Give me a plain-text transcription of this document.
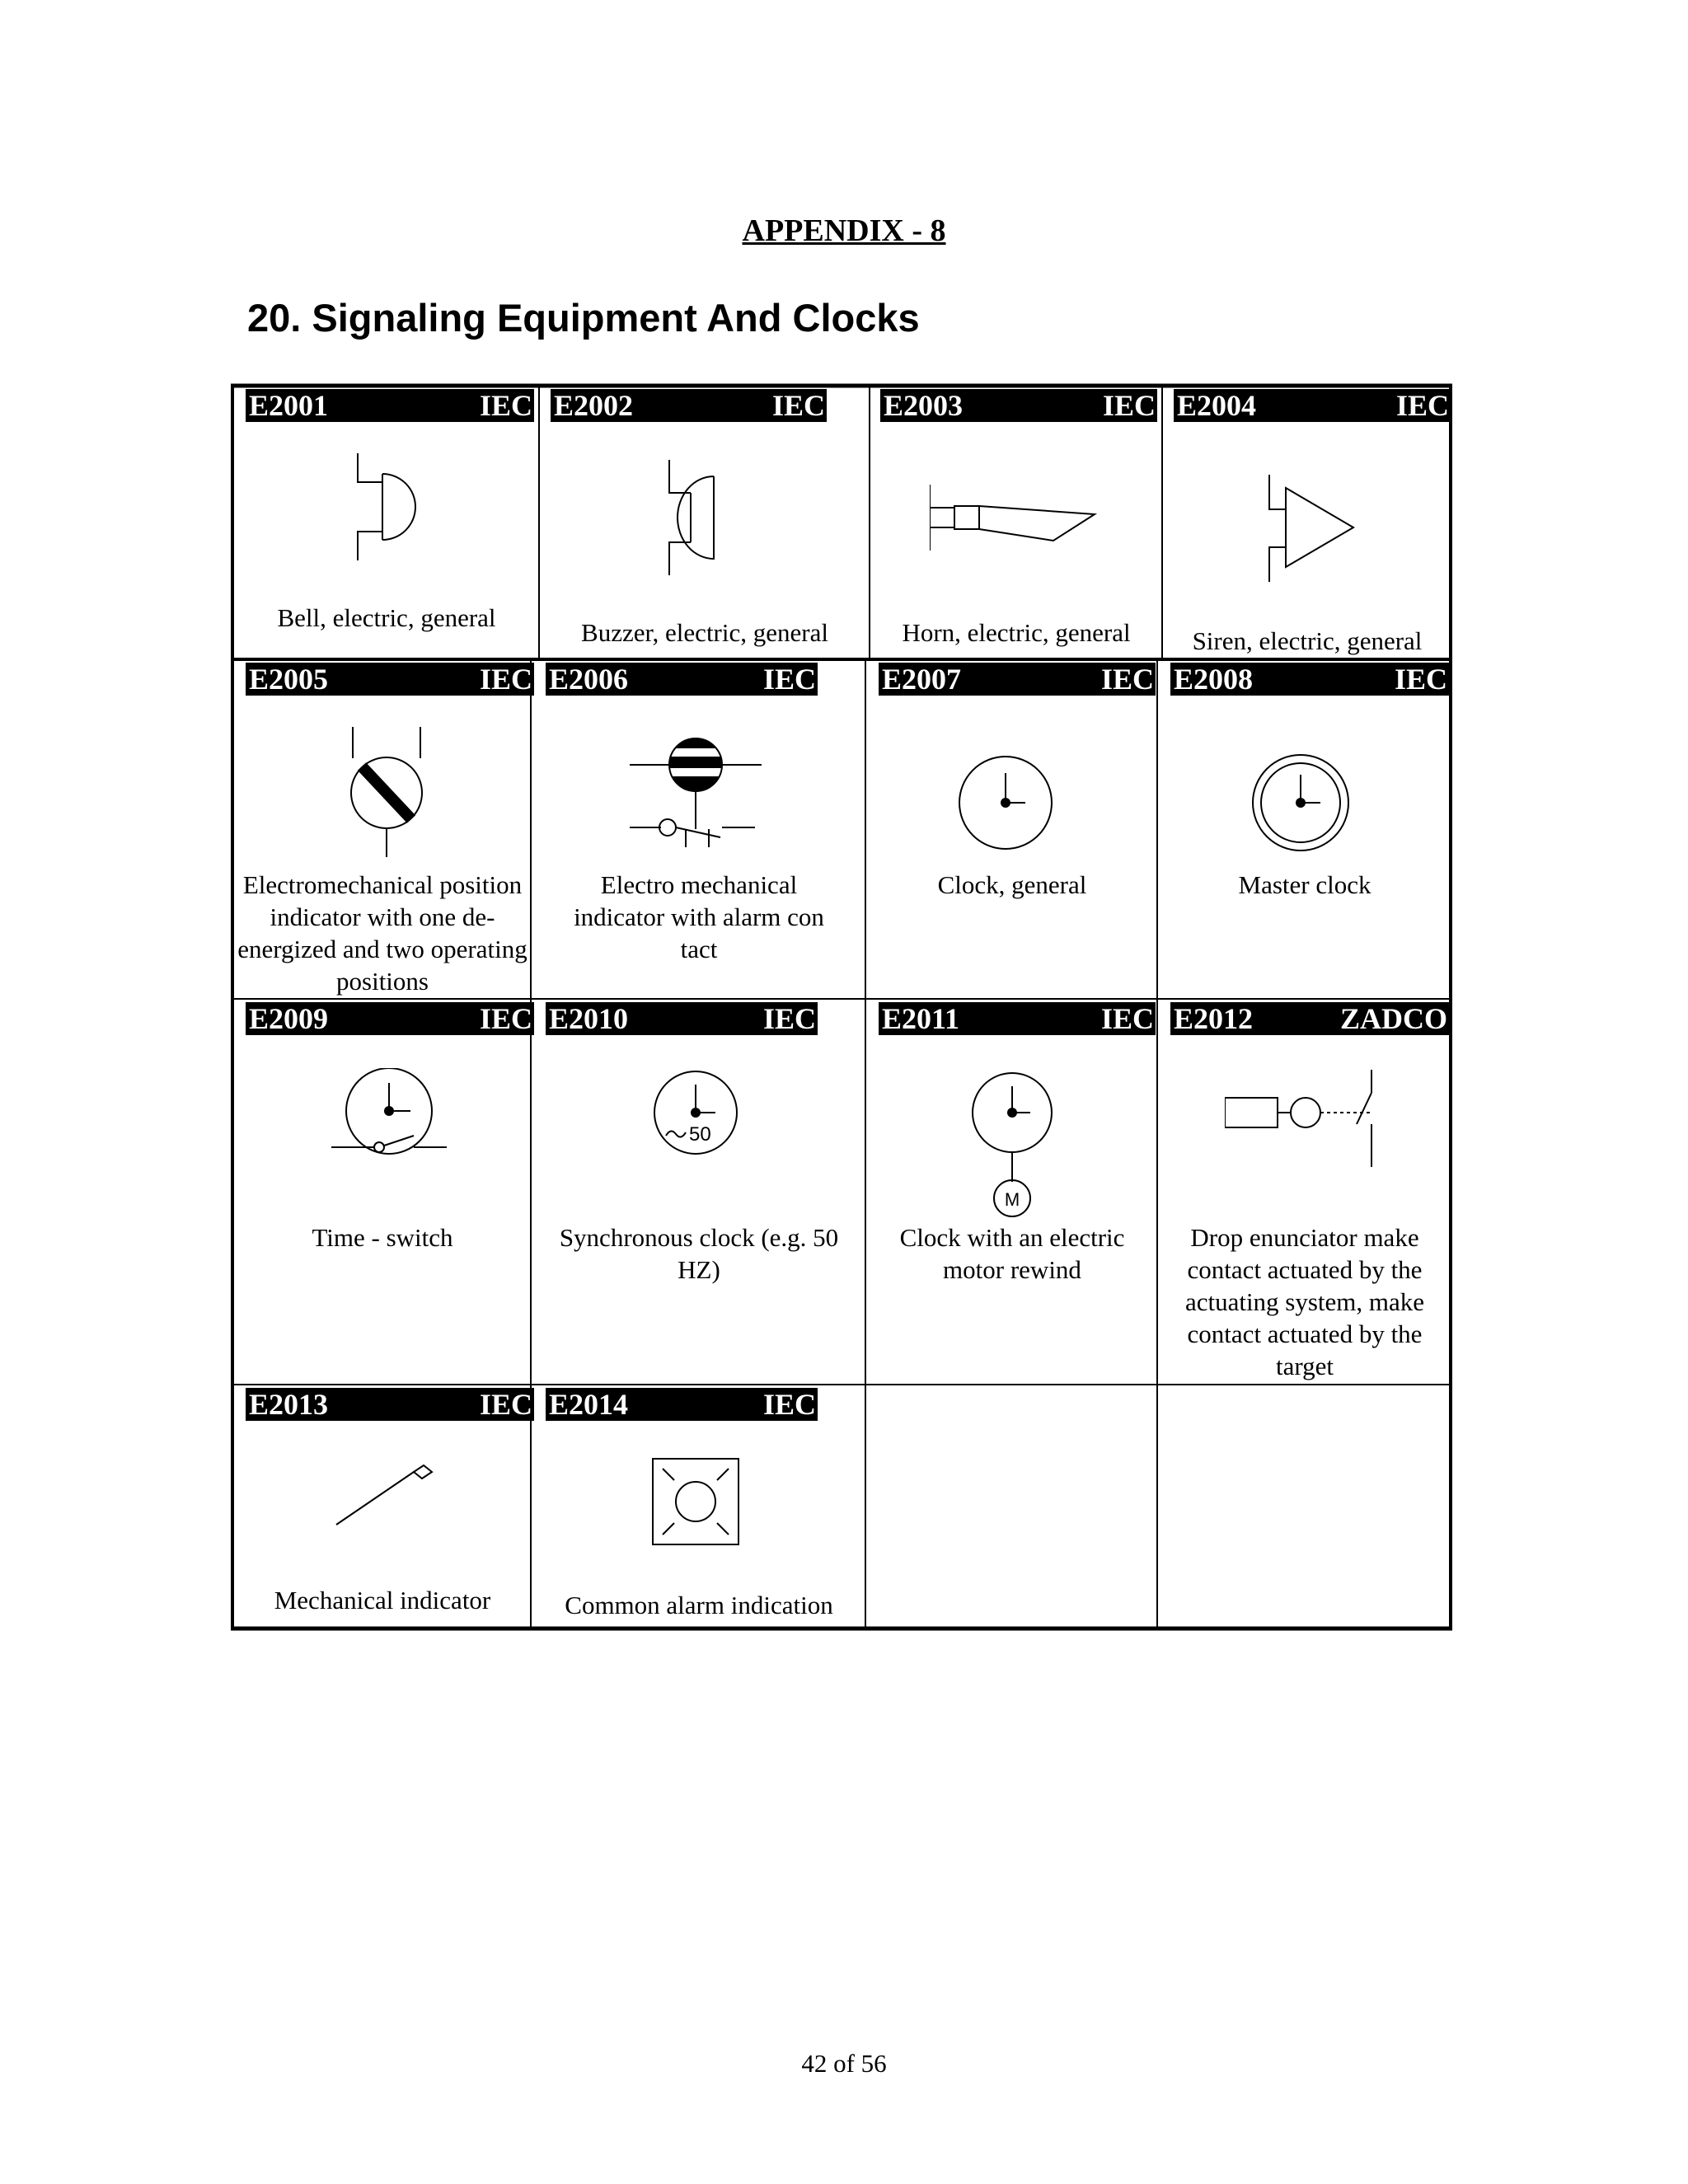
APPENDIX - 8
20. Signaling Equipment And Clocks
E2001	IEC
Bell, electric, general
E2002	IEC
Buzzer, electric, general
E2003	IEC
Horn, electric, general
E2004	IEC
Siren, electric, general
E2005	IEC
Electromechanical position indicator with one de-energized and two operating positions
E2006	IEC
Electro mechanical indicator with alarm con tact
E2007	IEC
Clock, general
E2008	IEC
Master clock
E2009	IEC
Time - switch
E2010	IEC
50
Synchronous clock (e.g. 50 HZ)
E2011	IEC
M
Clock with an electric motor rewind
E2012	ZADCO
Drop enunciator make contact actuated by the actuating system, make contact actuated by the target
E2013	IEC
Mechanical indicator
E2014	IEC
Common alarm indication
42 of 56
